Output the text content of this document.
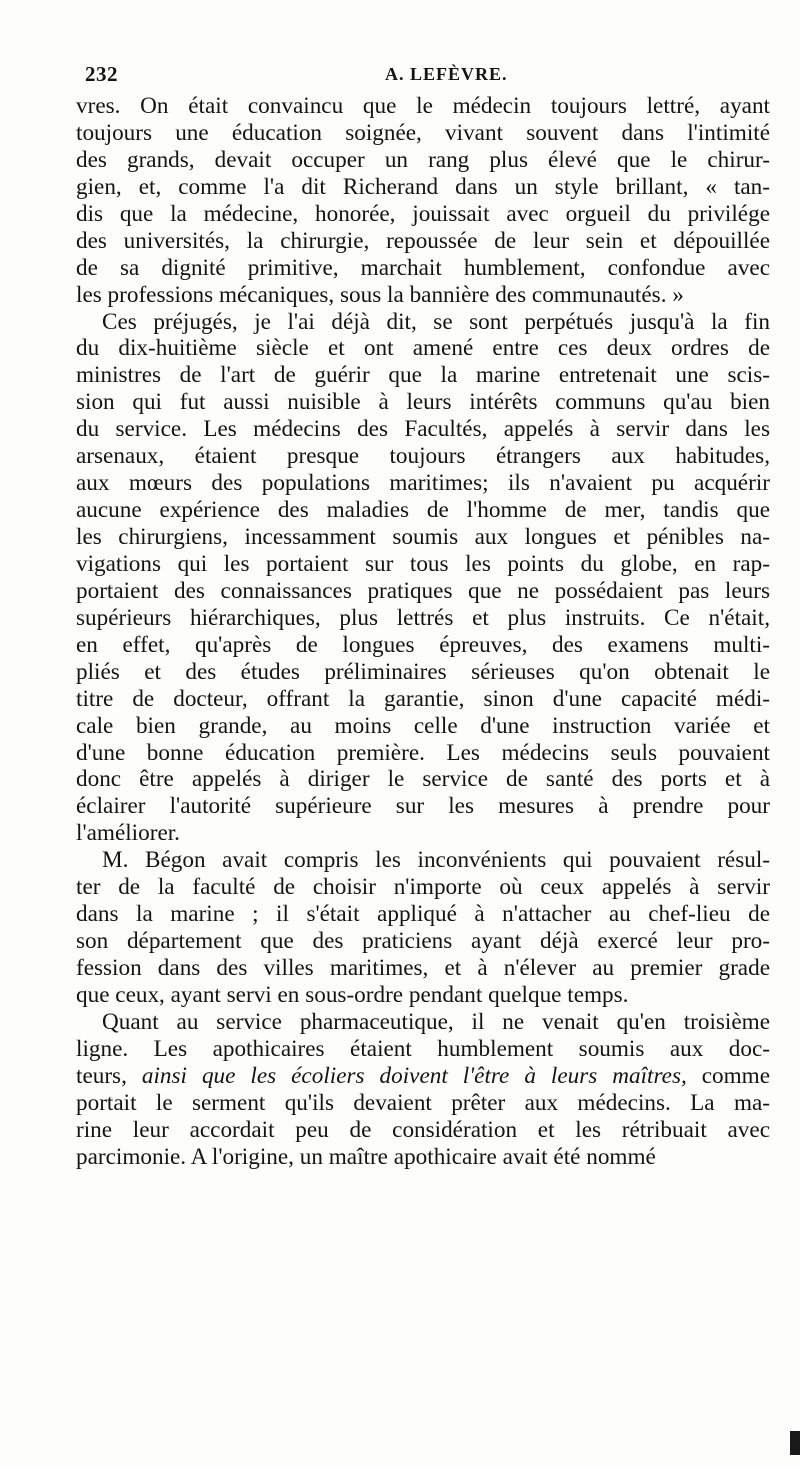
232	A. LEFÈVRE.

vres. On était convaincu que le médecin toujours lettré, ayant
toujours une éducation soignée, vivant souvent dans l'intimité
des grands, devait occuper un rang plus élevé que le chirur-
gien, et, comme l'a dit Richerand dans un style brillant, « tan-
dis que la médecine, honorée, jouissait avec orgueil du privilége
des universités, la chirurgie, repoussée de leur sein et dépouillée
de sa dignité primitive, marchait humblement, confondue avec
les professions mécaniques, sous la bannière des communautés. »

Ces préjugés, je l'ai déjà dit, se sont perpétués jusqu'à la fin
du dix-huitième siècle et ont amené entre ces deux ordres de
ministres de l'art de guérir que la marine entretenait une scis-
sion qui fut aussi nuisible à leurs intérêts communs qu'au bien
du service. Les médecins des Facultés, appelés à servir dans les
arsenaux, étaient presque toujours étrangers aux habitudes,
aux mœurs des populations maritimes; ils n'avaient pu acquérir
aucune expérience des maladies de l'homme de mer, tandis que
les chirurgiens, incessamment soumis aux longues et pénibles na-
vigations qui les portaient sur tous les points du globe, en rap-
portaient des connaissances pratiques que ne possédaient pas leurs
supérieurs hiérarchiques, plus lettrés et plus instruits. Ce n'était,
en effet, qu'après de longues épreuves, des examens multi-
pliés et des études préliminaires sérieuses qu'on obtenait le
titre de docteur, offrant la garantie, sinon d'une capacité médi-
cale bien grande, au moins celle d'une instruction variée et
d'une bonne éducation première. Les médecins seuls pouvaient
donc être appelés à diriger le service de santé des ports et à
éclairer l'autorité supérieure sur les mesures à prendre pour
l'améliorer.

M. Bégon avait compris les inconvénients qui pouvaient résul-
ter de la faculté de choisir n'importe où ceux appelés à servir
dans la marine ; il s'était appliqué à n'attacher au chef-lieu de
son département que des praticiens ayant déjà exercé leur pro-
fession dans des villes maritimes, et à n'élever au premier grade
que ceux, ayant servi en sous-ordre pendant quelque temps.

Quant au service pharmaceutique, il ne venait qu'en troisième
ligne. Les apothicaires étaient humblement soumis aux doc-
teurs, ainsi que les écoliers doivent l'être à leurs maîtres, comme
portait le serment qu'ils devaient prêter aux médecins. La ma-
rine leur accordait peu de considération et les rétribuait avec
parcimonie. A l'origine, un maître apothicaire avait été nommé
